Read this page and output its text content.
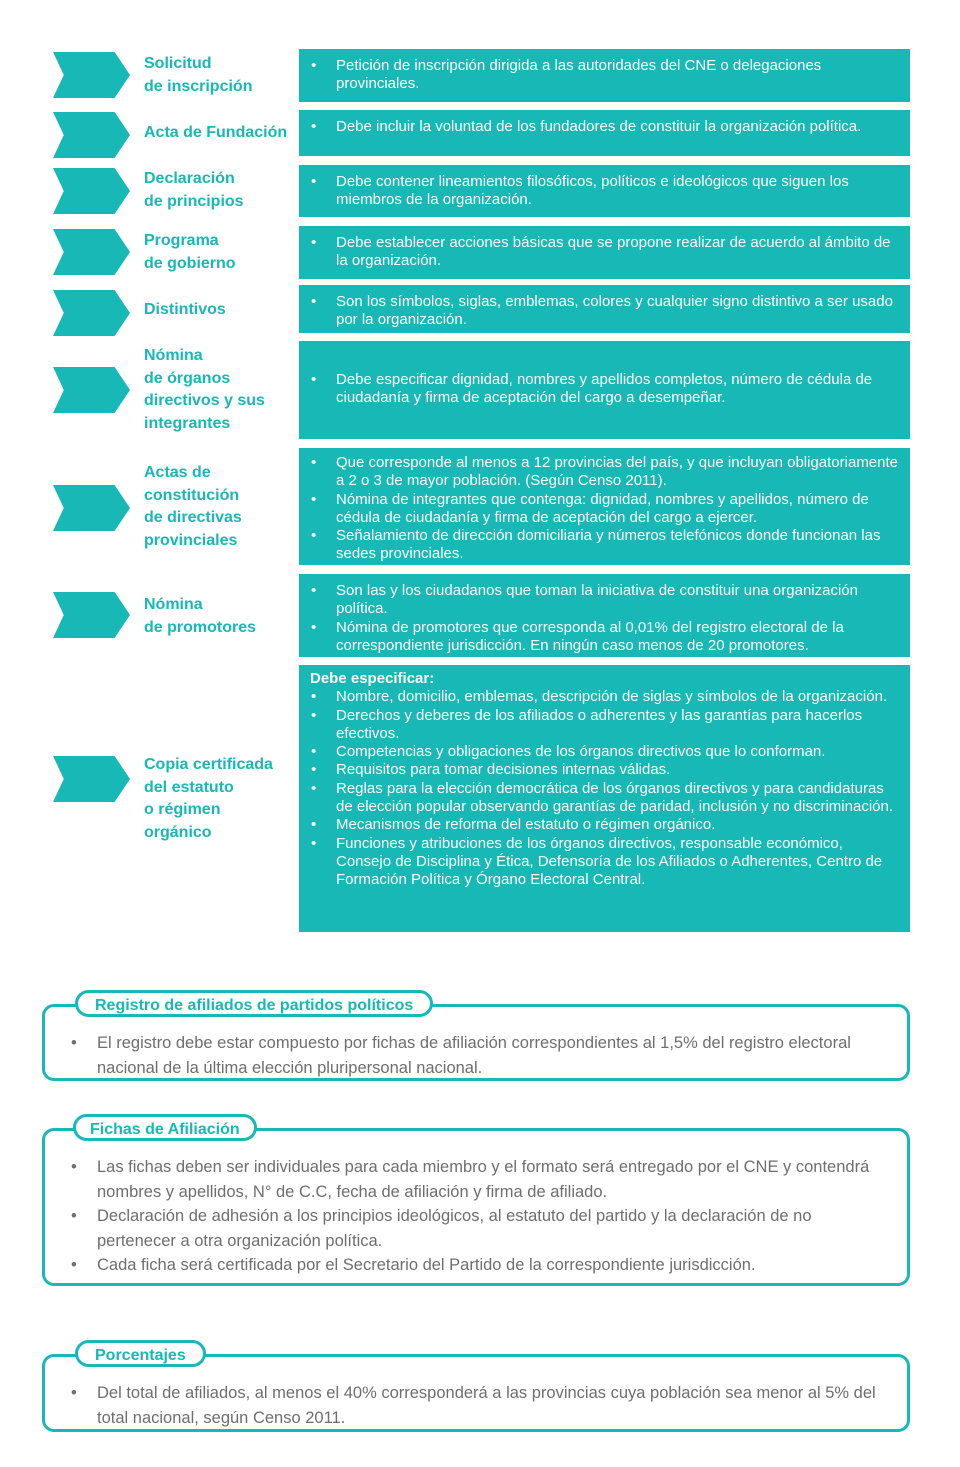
Solicitud
de inscripción
• Petición de inscripción dirigida a las autoridades del CNE o delegaciones provinciales.
Acta de Fundación	• Debe incluir la voluntad de los fundadores de constituir la organización política.
Declaración
de principios
• Debe contener lineamientos filosóficos, políticos e ideológicos que siguen los miembros de la organización.
Programa
de gobierno
• Debe establecer acciones básicas que se propone realizar de acuerdo al ámbito de la organización.
Distintivos	• Son los símbolos, siglas, emblemas, colores y cualquier signo distintivo a ser usado por la organización.
Nómina
de órganos
directivos y sus
integrantes
• Debe especificar dignidad, nombres y apellidos completos, número de cédula de ciudadanía y firma de aceptación del cargo a desempeñar.
Actas de
constitución
de directivas
provinciales
• Que corresponde al menos a 12 provincias del país, y que incluyan obligatoriamente a 2 o 3 de mayor población. (Según Censo 2011).
• Nómina de integrantes que contenga: dignidad, nombres y apellidos, número de cédula de ciudadanía y firma de aceptación del cargo a ejercer.
• Señalamiento de dirección domiciliaria y números telefónicos donde funcionan las sedes provinciales.
Nómina
de promotores
• Son las y los ciudadanos que toman la iniciativa de constituir una organización política.
• Nómina de promotores que corresponda al 0,01% del registro electoral de la correspondiente jurisdicción. En ningún caso menos de 20 promotores.
Copia certificada
del estatuto
o régimen
orgánico
Debe especificar:
• Nombre, domicilio, emblemas, descripción de siglas y símbolos de la organización.
• Derechos y deberes de los afiliados o adherentes y las garantías para hacerlos efectivos.
• Competencias y obligaciones de los órganos directivos que lo conforman.
• Requisitos para tomar decisiones internas válidas.
• Reglas para la elección democrática de los órganos directivos y para candidaturas de elección popular observando garantías de paridad, inclusión y no discriminación.
• Mecanismos de reforma del estatuto o régimen orgánico.
• Funciones y atribuciones de los órganos directivos, responsable económico, Consejo de Disciplina y Ética, Defensoría de los Afiliados o Adherentes, Centro de Formación Política y Órgano Electoral Central.
Registro de afiliados de partidos políticos
• El registro debe estar compuesto por fichas de afiliación correspondientes al 1,5% del registro electoral nacional de la última elección pluripersonal nacional.
Fichas de Afiliación
• Las fichas deben ser individuales para cada miembro y el formato será entregado por el CNE y contendrá nombres y apellidos, N° de C.C, fecha de afiliación y firma de afiliado.
• Declaración de adhesión a los principios ideológicos, al estatuto del partido y la declaración de no pertenecer a otra organización política.
• Cada ficha será certificada por el Secretario del Partido de la correspondiente jurisdicción.
Porcentajes
• Del total de afiliados, al menos el 40% corresponderá a las provincias cuya población sea menor al 5% del total nacional, según Censo 2011.
